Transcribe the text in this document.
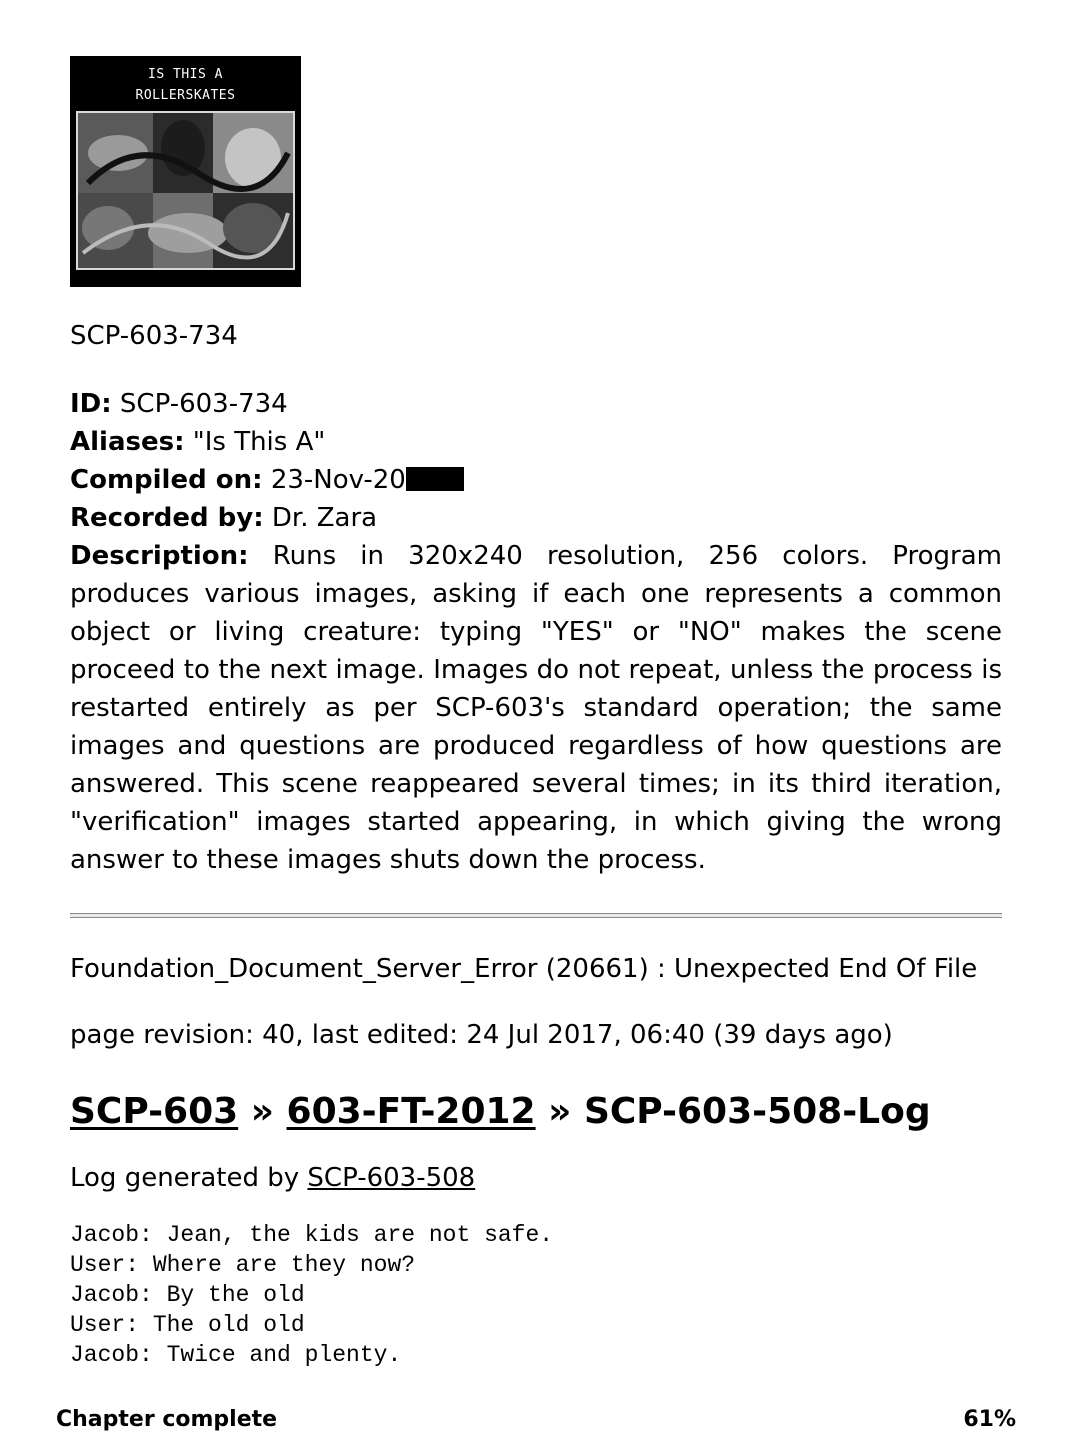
IS THIS A
ROLLERSKATES
SCP-603-734
ID: SCP-603-734
Aliases: "Is This A"
Compiled on: 23-Nov-20
Recorded by: Dr. Zara
Description: Runs in 320x240 resolution, 256 colors. Program produces various images, asking if each one represents a common object or living creature: typing "YES" or "NO" makes the scene proceed to the next image. Images do not repeat, unless the process is restarted entirely as per SCP-603's standard operation; the same images and questions are produced regardless of how questions are answered. This scene reappeared several times; in its third iteration, "verification" images started appearing, in which giving the wrong answer to these images shuts down the process.
Foundation_Document_Server_Error (20661) : Unexpected End Of File
page revision: 40, last edited: 24 Jul 2017, 06:40 (39 days ago)
SCP-603 » 603-FT-2012 » SCP-603-508-Log
Log generated by SCP-603-508
Jacob: Jean, the kids are not safe.
User: Where are they now?
Jacob: By the old
User: The old old
Jacob: Twice and plenty.
Chapter complete	61%
